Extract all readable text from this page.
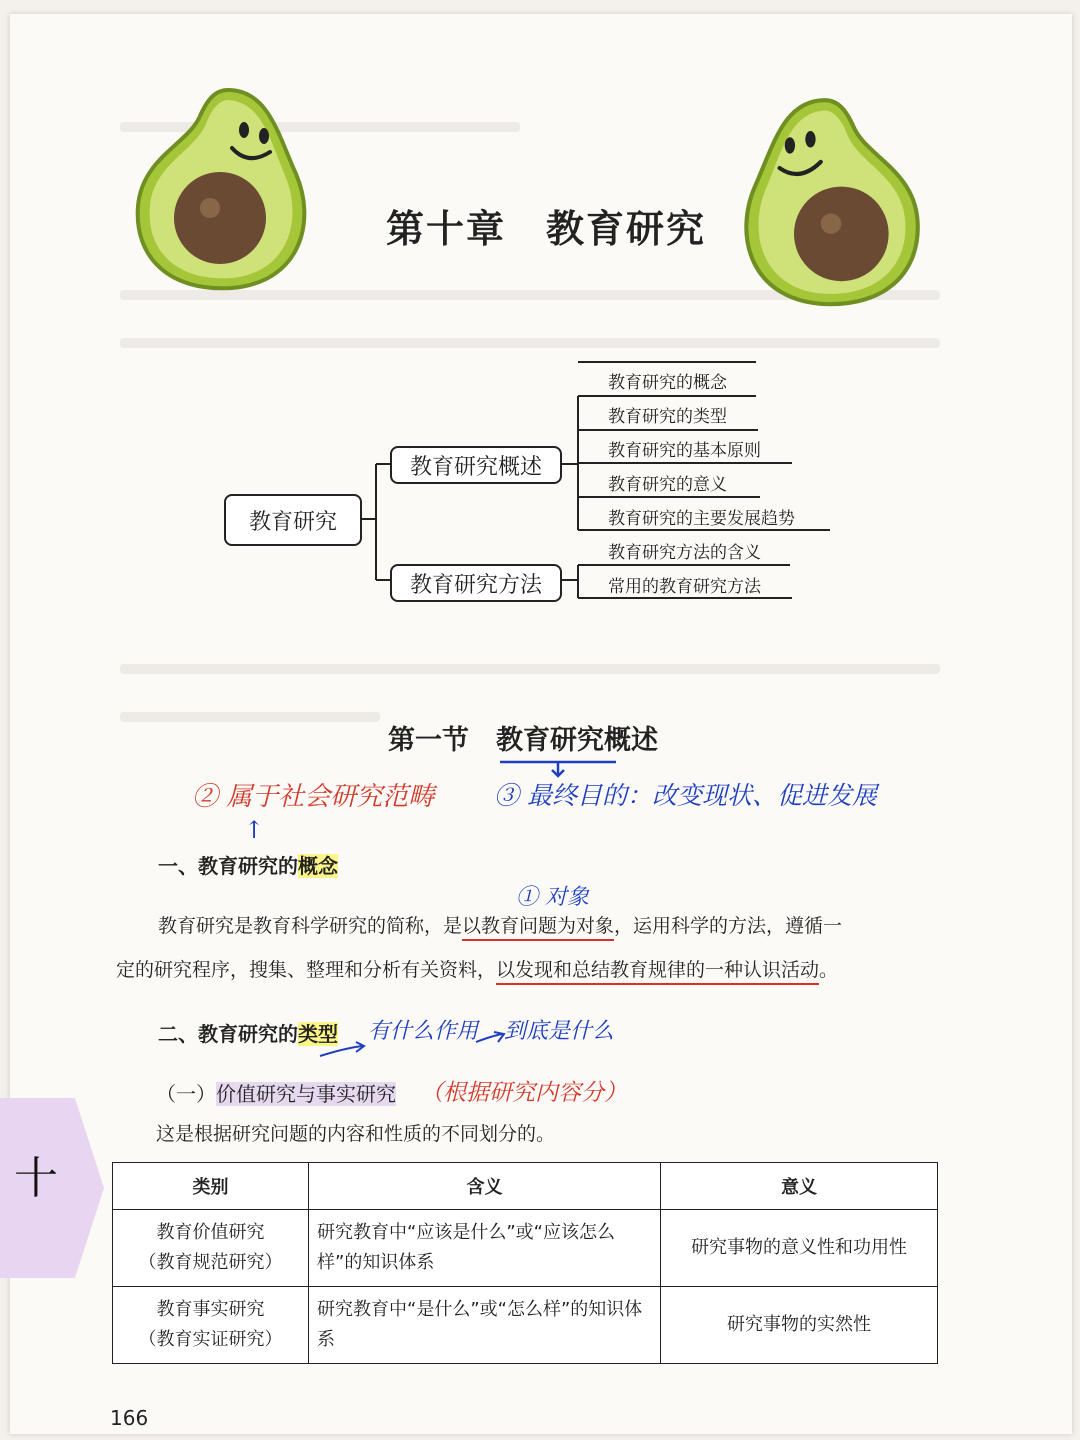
第十章　教育研究
教育研究
教育研究概述
教育研究方法
教育研究的概念
教育研究的类型
教育研究的基本原则
教育研究的意义
教育研究的主要发展趋势
教育研究方法的含义
常用的教育研究方法
第一节　教育研究概述
② 属于社会研究范畴
↑
③ 最终目的：改变现状、促进发展
一、教育研究的概念
① 对象
教育研究是教育科学研究的简称，是以教育问题为对象，运用科学的方法，遵循一
定的研究程序，搜集、整理和分析有关资料，以发现和总结教育规律的一种认识活动。
二、教育研究的类型 有什么作用 到底是什么
（一）价值研究与事实研究 （根据研究内容分）
这是根据研究问题的内容和性质的不同划分的。
类别	含义	意义

教育价值研究
（教育规范研究）	研究教育中“应该是什么”或“应该怎么样”的知识体系	研究事物的意义性和功用性

教育事实研究
（教育实证研究）	研究教育中“是什么”或“怎么样”的知识体系	研究事物的实然性
十
166
